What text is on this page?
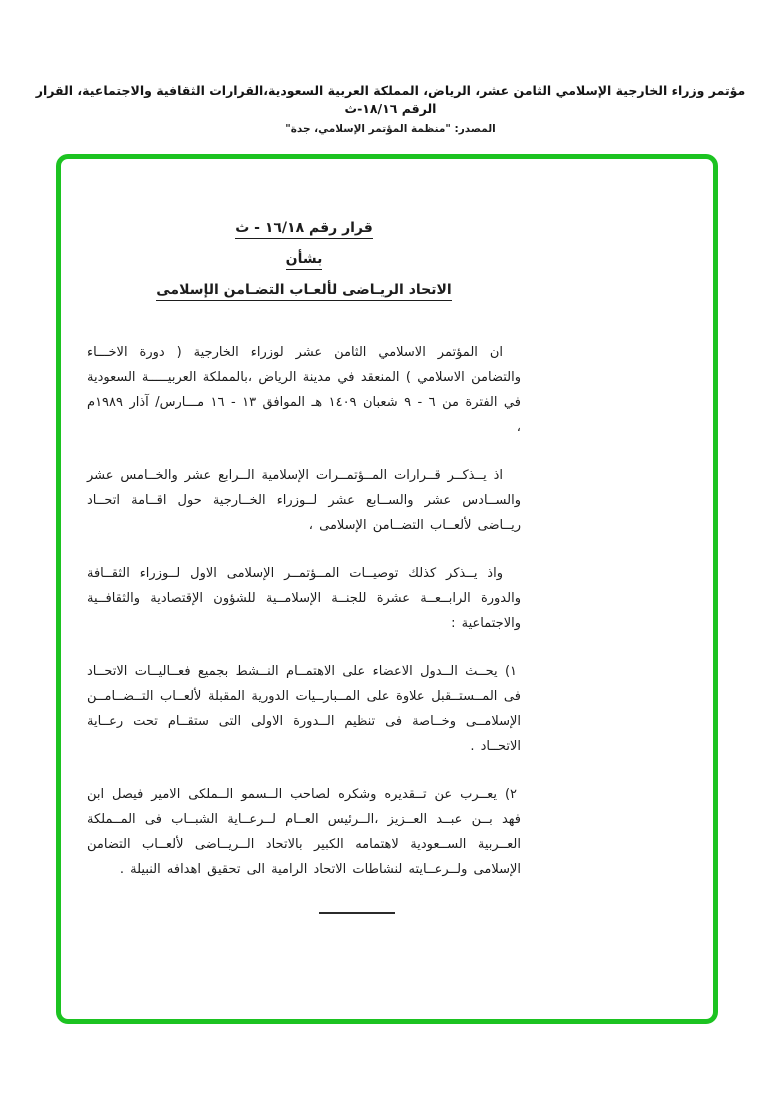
مؤتمر وزراء الخارجية الإسلامي الثامن عشر، الرياض، المملكة العربية السعودية،القرارات الثقافية والاجتماعية، القرار الرقم ١٨/١٦-ث
المصدر: "منظمة المؤتمر الإسلامي، جدة"
قرار رقم ١٦/١٨ - ث
بشأن
الاتحاد الريـاضى لألعـاب التضـامن الإسلامى

ان المؤتمر الاسلامي الثامن عشر لوزراء الخارجية ( دورة الاخـــاء والتضامن الاسلامي ) المنعقد في مدينة الرياض ،بالمملكة العربيـــــة السعودية في الفترة من ٦ - ٩ شعبان ١٤٠٩ هـ الموافق ١٣ - ١٦ مـــارس/ آذار ١٩٨٩م ،

اذ يــذكــر قــرارات المــؤتمــرات الإسلامية الــرابع عشر والخــامس عشر والســادس عشر والســابع عشر لــوزراء الخــارجية حول اقــامة اتحــاد ريــاضى لألعــاب التضــامن الإسلامى ،

واذ يــذكر كذلك توصيــات المــؤتمــر الإسلامى الاول لــوزراء الثقــافة والدورة الرابــعــة عشرة للجنــة الإسلامــية للشؤون الإقتصادية والثقافــية والاجتماعية :

١) يحــث الــدول الاعضاء على الاهتمــام النــشط بجميع فعــاليــات الاتحــاد فى المــستــقبل علاوة على المــبارــيات الدورية المقبلة لألعــاب التــضــامــن الإسلامــى وخــاصة فى تنظيم الــدورة الاولى التى ستقــام تحت رعــاية الاتحــاد .

٢) يعــرب عن تــقديره وشكره لصاحب الــسمو الــملكى الامير فيصل ابن فهد بــن عبــد العــزيز ،الــرئيس العــام لــرعــاية الشبــاب فى المــملكة العــربية الســعودية لاهتمامه الكبير بالاتحاد الــريــاضى لألعــاب التضامن الإسلامى ولــرعــايته لنشاطات الاتحاد الرامية الى تحقيق اهدافه النبيلة .
